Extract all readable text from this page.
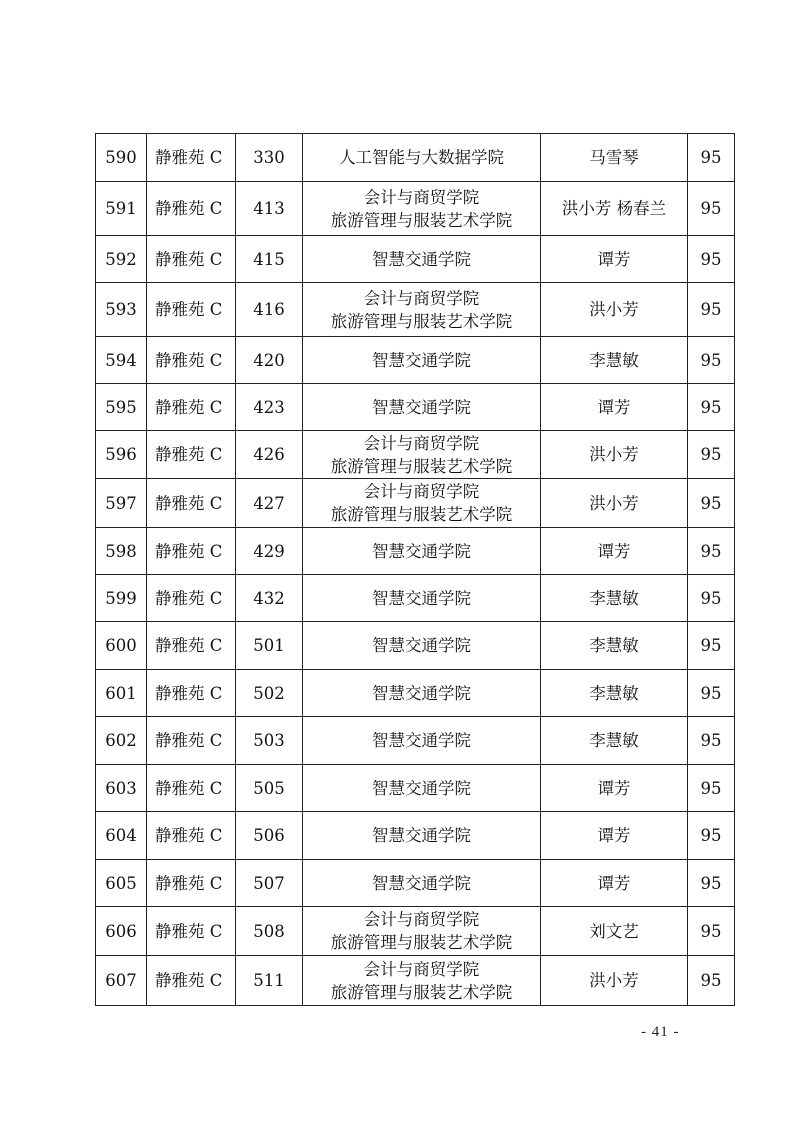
590	静雅苑 C	330	人工智能与大数据学院	马雪琴	95
591	静雅苑 C	413	会计与商贸学院
旅游管理与服装艺术学院	洪小芳 杨春兰	95
592	静雅苑 C	415	智慧交通学院	谭芳	95
593	静雅苑 C	416	会计与商贸学院
旅游管理与服装艺术学院	洪小芳	95
594	静雅苑 C	420	智慧交通学院	李慧敏	95
595	静雅苑 C	423	智慧交通学院	谭芳	95
596	静雅苑 C	426	会计与商贸学院
旅游管理与服装艺术学院	洪小芳	95
597	静雅苑 C	427	会计与商贸学院
旅游管理与服装艺术学院	洪小芳	95
598	静雅苑 C	429	智慧交通学院	谭芳	95
599	静雅苑 C	432	智慧交通学院	李慧敏	95
600	静雅苑 C	501	智慧交通学院	李慧敏	95
601	静雅苑 C	502	智慧交通学院	李慧敏	95
602	静雅苑 C	503	智慧交通学院	李慧敏	95
603	静雅苑 C	505	智慧交通学院	谭芳	95
604	静雅苑 C	506	智慧交通学院	谭芳	95
605	静雅苑 C	507	智慧交通学院	谭芳	95
606	静雅苑 C	508	会计与商贸学院
旅游管理与服装艺术学院	刘文艺	95
607	静雅苑 C	511	会计与商贸学院
旅游管理与服装艺术学院	洪小芳	95
- 41 -
